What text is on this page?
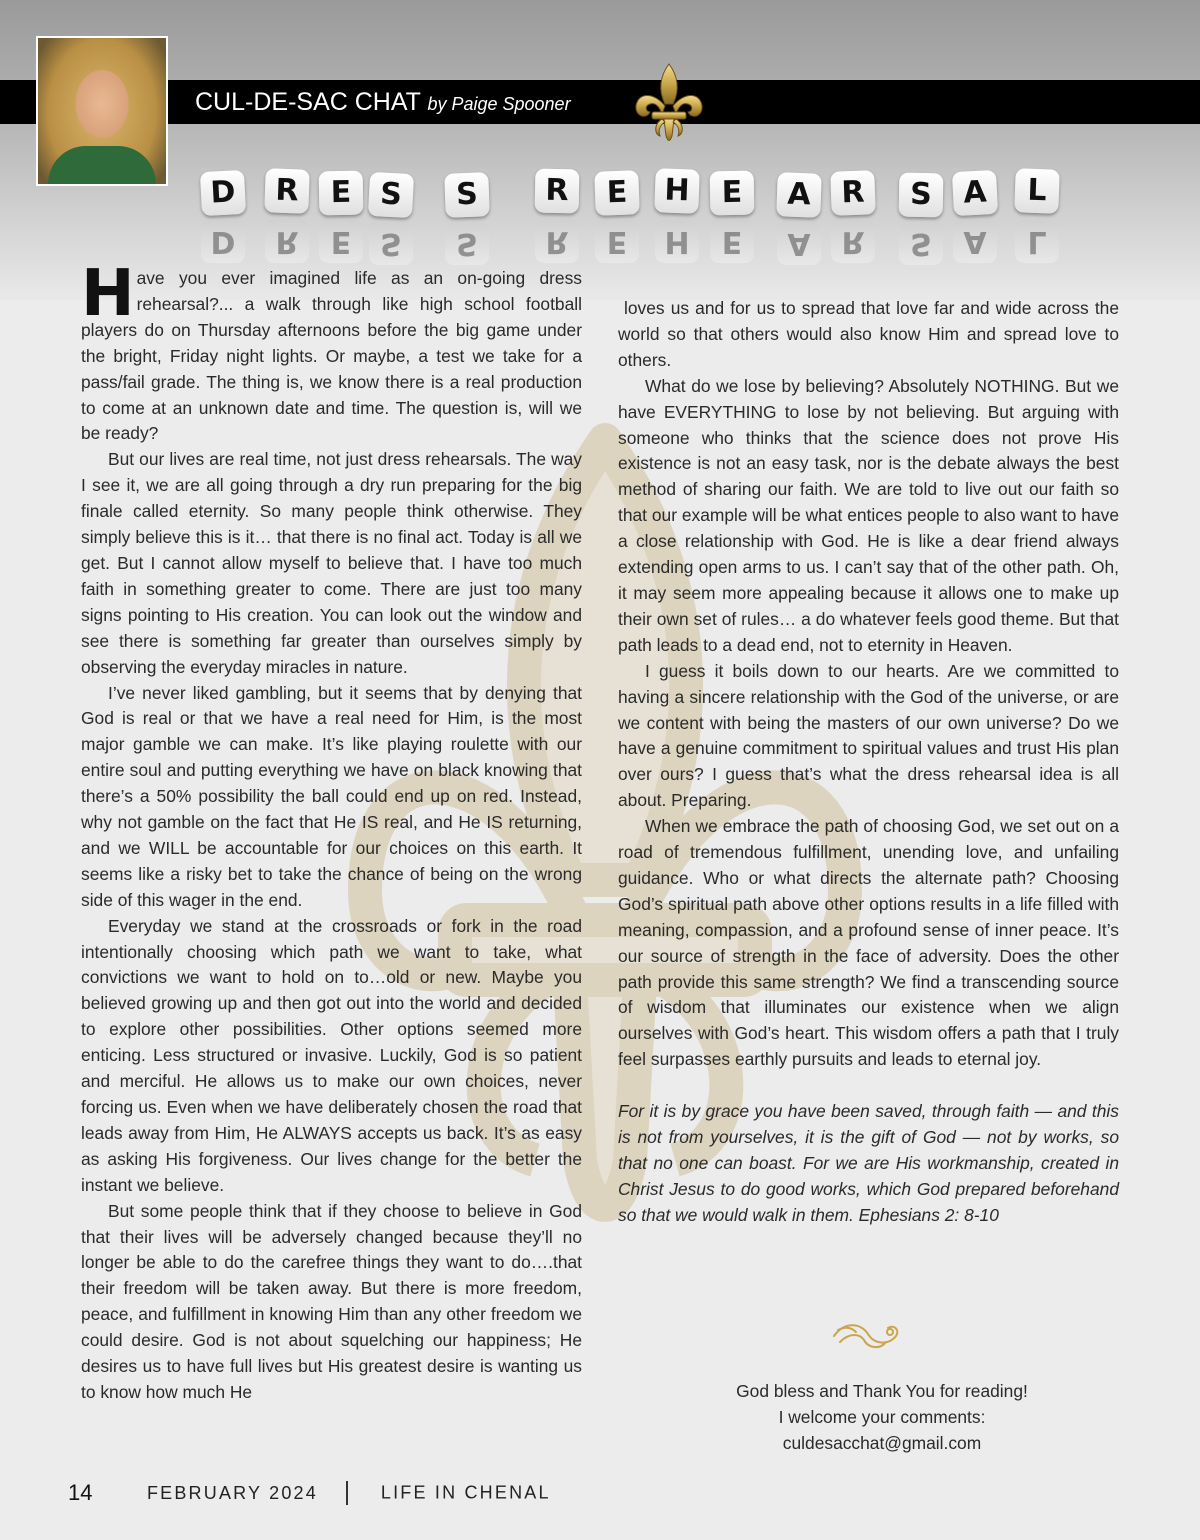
CUL-DE-SAC CHAT by Paige Spooner
D	R	E S	S	R	E	H	E	A R	S	A	L
D	R	E S	S	R	E	H	E	A	R	S	A	L

Have you ever imagined life as an on-going dress rehearsal?... a walk through like high school football players do on Thursday afternoons before the big game under the bright, Friday night lights. Or maybe, a test we take for a pass/fail grade. The thing is, we know there is a real production to come at an unknown date and time. The question is, will we be ready?

But our lives are real time, not just dress rehearsals. The way I see it, we are all going through a dry run preparing for the big finale called eternity. So many people think otherwise. They simply believe this is it… that there is no final act. Today is all we get. But I cannot allow myself to believe that. I have too much faith in something greater to come. There are just too many signs pointing to His creation. You can look out the window and see there is something far greater than ourselves simply by observing the everyday miracles in nature.

I’ve never liked gambling, but it seems that by denying that God is real or that we have a real need for Him, is the most major gamble we can make. It’s like playing roulette with our entire soul and putting everything we have on black knowing that there’s a 50% possibility the ball could end up on red. Instead, why not gamble on the fact that He IS real, and He IS returning, and we WILL be accountable for our choices on this earth. It seems like a risky bet to take the chance of being on the wrong side of this wager in the end.

Everyday we stand at the crossroads or fork in the road intentionally choosing which path we want to take, what convictions we want to hold on to…old or new. Maybe you believed growing up and then got out into the world and decided to explore other possibilities. Other options seemed more enticing. Less structured or invasive. Luckily, God is so patient and merciful. He allows us to make our own choices, never forcing us. Even when we have deliberately chosen the road that leads away from Him, He ALWAYS accepts us back. It’s as easy as asking His forgiveness. Our lives change for the better the instant we believe.

But some people think that if they choose to believe in God that their lives will be adversely changed because they’ll no longer be able to do the carefree things they want to do….that their freedom will be taken away. But there is more freedom, peace, and fulfillment in knowing Him than any other freedom we could desire. God is not about squelching our happiness; He desires us to have full lives but His greatest desire is wanting us to know how much He

loves us and for us to spread that love far and wide across the world so that others would also know Him and spread love to others.

What do we lose by believing? Absolutely NOTHING. But we have EVERYTHING to lose by not believing. But arguing with someone who thinks that the science does not prove His existence is not an easy task, nor is the debate always the best method of sharing our faith. We are told to live out our faith so that our example will be what entices people to also want to have a close relationship with God. He is like a dear friend always extending open arms to us. I can’t say that of the other path. Oh, it may seem more appealing because it allows one to make up their own set of rules… a do whatever feels good theme. But that path leads to a dead end, not to eternity in Heaven.

I guess it boils down to our hearts. Are we committed to having a sincere relationship with the God of the universe, or are we content with being the masters of our own universe? Do we have a genuine commitment to spiritual values and trust His plan over ours? I guess that’s what the dress rehearsal idea is all about. Preparing.

When we embrace the path of choosing God, we set out on a road of tremendous fulfillment, unending love, and unfailing guidance. Who or what directs the alternate path? Choosing God’s spiritual path above other options results in a life filled with meaning, compassion, and a profound sense of inner peace. It’s our source of strength in the face of adversity. Does the other path provide this same strength? We find a transcending source of wisdom that illuminates our existence when we align ourselves with God’s heart. This wisdom offers a path that I truly feel surpasses earthly pursuits and leads to eternal joy.

For it is by grace you have been saved, through faith — and this is not from yourselves, it is the gift of God — not by works, so that no one can boast. For we are His workmanship, created in Christ Jesus to do good works, which God prepared beforehand so that we would walk in them. Ephesians 2: 8-10

God bless and Thank You for reading!
I welcome your comments:
culdesacchat@gmail.com
14	FEBRUARY 2024	LIFE IN CHENAL
